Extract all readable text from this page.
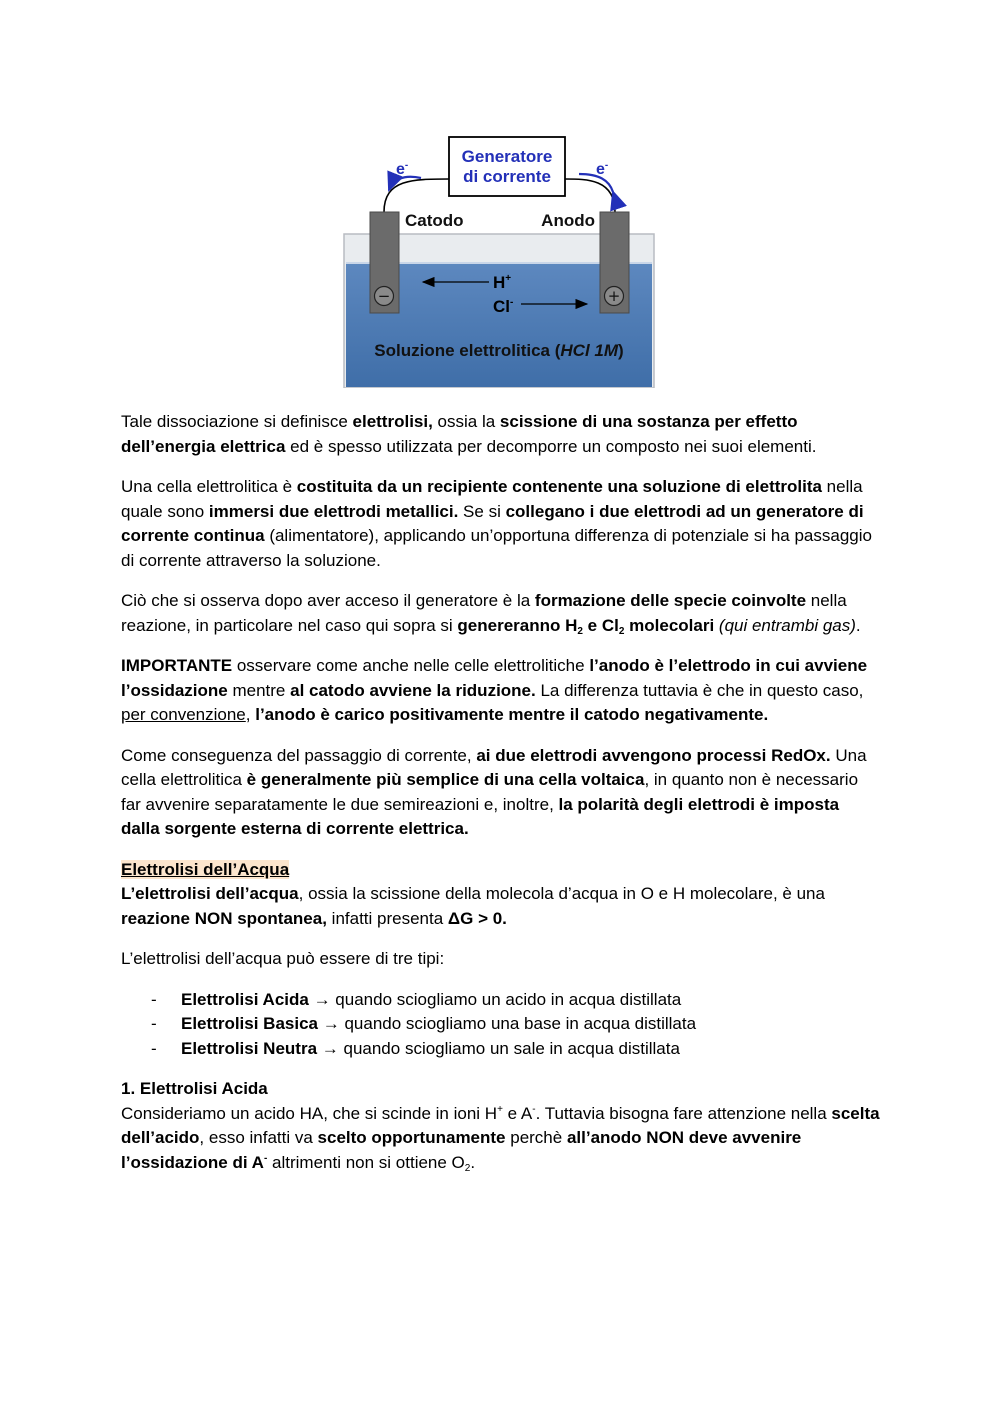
Generatore
di corrente
e-	e-
−	+
Catodo	Anodo
H+
Cl-
Soluzione elettrolitica (HCl 1M)

Tale dissociazione si definisce elettrolisi, ossia la scissione di una sostanza per effetto dell’energia elettrica ed è spesso utilizzata per decomporre un composto nei suoi elementi.

Una cella elettrolitica è costituita da un recipiente contenente una soluzione di elettrolita nella quale sono immersi due elettrodi metallici. Se si collegano i due elettrodi ad un generatore di corrente continua (alimentatore), applicando un’opportuna differenza di potenziale si ha passaggio di corrente attraverso la soluzione.

Ciò che si osserva dopo aver acceso il generatore è la formazione delle specie coinvolte nella reazione, in particolare nel caso qui sopra si genereranno $H_2$ e $Cl_2$ molecolari (qui entrambi gas).

IMPORTANTE osservare come anche nelle celle elettrolitiche l’anodo è l’elettrodo in cui avviene l’ossidazione mentre al catodo avviene la riduzione. La differenza tuttavia è che in questo caso, per convenzione, l’anodo è carico positivamente mentre il catodo negativamente.

Come conseguenza del passaggio di corrente, ai due elettrodi avvengono processi RedOx. Una cella elettrolitica è generalmente più semplice di una cella voltaica, in quanto non è necessario far avvenire separatamente le due semireazioni e, inoltre, la polarità degli elettrodi è imposta dalla sorgente esterna di corrente elettrica.

Elettrolisi dell’Acqua
L’elettrolisi dell’acqua, ossia la scissione della molecola d’acqua in O e H molecolare, è una reazione NON spontanea, infatti presenta ΔG > 0.

L’elettrolisi dell’acqua può essere di tre tipi:

- Elettrolisi Acida → quando sciogliamo un acido in acqua distillata
- Elettrolisi Basica → quando sciogliamo una base in acqua distillata
- Elettrolisi Neutra → quando sciogliamo un sale in acqua distillata

1. Elettrolisi Acida
Consideriamo un acido HA, che si scinde in ioni H+ e A-. Tuttavia bisogna fare attenzione nella scelta dell’acido, esso infatti va scelto opportunamente perchè all’anodo NON deve avvenire l’ossidazione di A- altrimenti non si ottiene $O_2$.
